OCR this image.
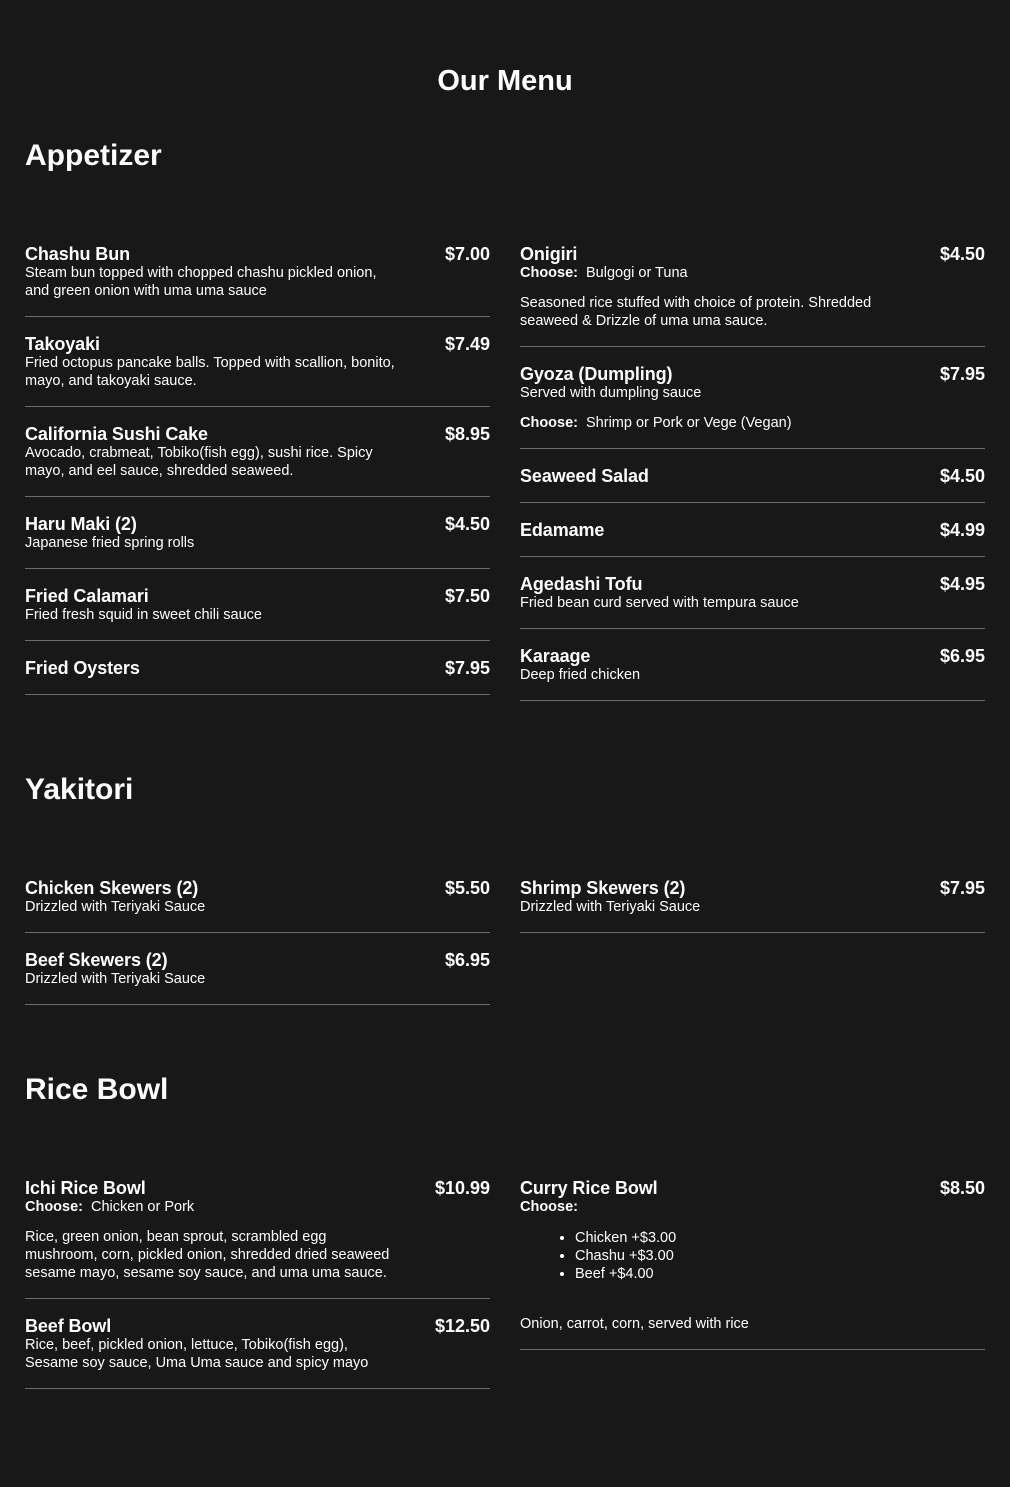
Our Menu
Appetizer
Chashu Bun	$7.00
Steam bun topped with chopped chashu pickled onion, and green onion with uma uma sauce
Takoyaki	$7.49
Fried octopus pancake balls. Topped with scallion, bonito, mayo, and takoyaki sauce.
California Sushi Cake	$8.95
Avocado, crabmeat, Tobiko(fish egg), sushi rice. Spicy mayo, and eel sauce, shredded seaweed.
Haru Maki (2)	$4.50
Japanese fried spring rolls
Fried Calamari	$7.50
Fried fresh squid in sweet chili sauce
Fried Oysters	$7.95
Onigiri	$4.50
Choose: Bulgogi or Tuna
Seasoned rice stuffed with choice of protein. Shredded seaweed & Drizzle of uma uma sauce.
Gyoza (Dumpling)	$7.95
Served with dumpling sauce
Choose: Shrimp or Pork or Vege (Vegan)
Seaweed Salad	$4.50
Edamame	$4.99
Agedashi Tofu	$4.95
Fried bean curd served with tempura sauce
Karaage	$6.95
Deep fried chicken
Yakitori
Chicken Skewers (2)	$5.50
Drizzled with Teriyaki Sauce
Beef Skewers (2)	$6.95
Drizzled with Teriyaki Sauce
Shrimp Skewers (2)	$7.95
Drizzled with Teriyaki Sauce
Rice Bowl
Ichi Rice Bowl	$10.99
Choose: Chicken or Pork
Rice, green onion, bean sprout, scrambled egg mushroom, corn, pickled onion, shredded dried seaweed sesame mayo, sesame soy sauce, and uma uma sauce.
Beef Bowl	$12.50
Rice, beef, pickled onion, lettuce, Tobiko(fish egg), Sesame soy sauce, Uma Uma sauce and spicy mayo
Curry Rice Bowl	$8.50
Choose:
• Chicken +$3.00
• Chashu +$3.00
• Beef +$4.00
Onion, carrot, corn, served with rice
